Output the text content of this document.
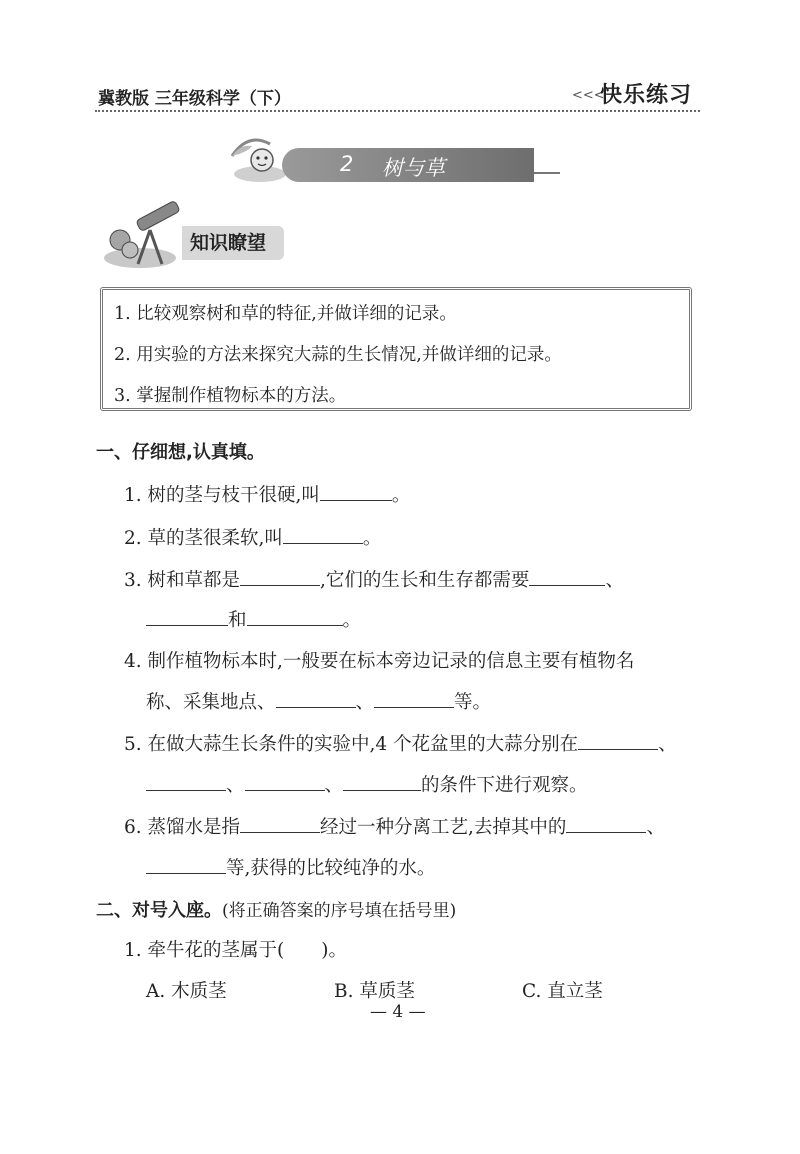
冀教版 三年级科学（下）	<<<
快乐练习
2 树与草
知识瞭望
1. 比较观察树和草的特征,并做详细的记录。
2. 用实验的方法来探究大蒜的生长情况,并做详细的记录。
3. 掌握制作植物标本的方法。
一、仔细想,认真填。
1. 树的茎与枝干很硬,叫	。
2. 草的茎很柔软,叫	。
3. 树和草都是	,它们的生长和生存都需要	、
和	。
4. 制作植物标本时,一般要在标本旁边记录的信息主要有植物名
称、采集地点、	、	等。
5. 在做大蒜生长条件的实验中,4 个花盆里的大蒜分别在	、
、	、	的条件下进行观察。
6. 蒸馏水是指	经过一种分离工艺,去掉其中的	、
等,获得的比较纯净的水。
二、对号入座。(将正确答案的序号填在括号里)
1. 牵牛花的茎属于(　　)。
A. 木质茎	B. 草质茎	C. 直立茎
— 4 —
